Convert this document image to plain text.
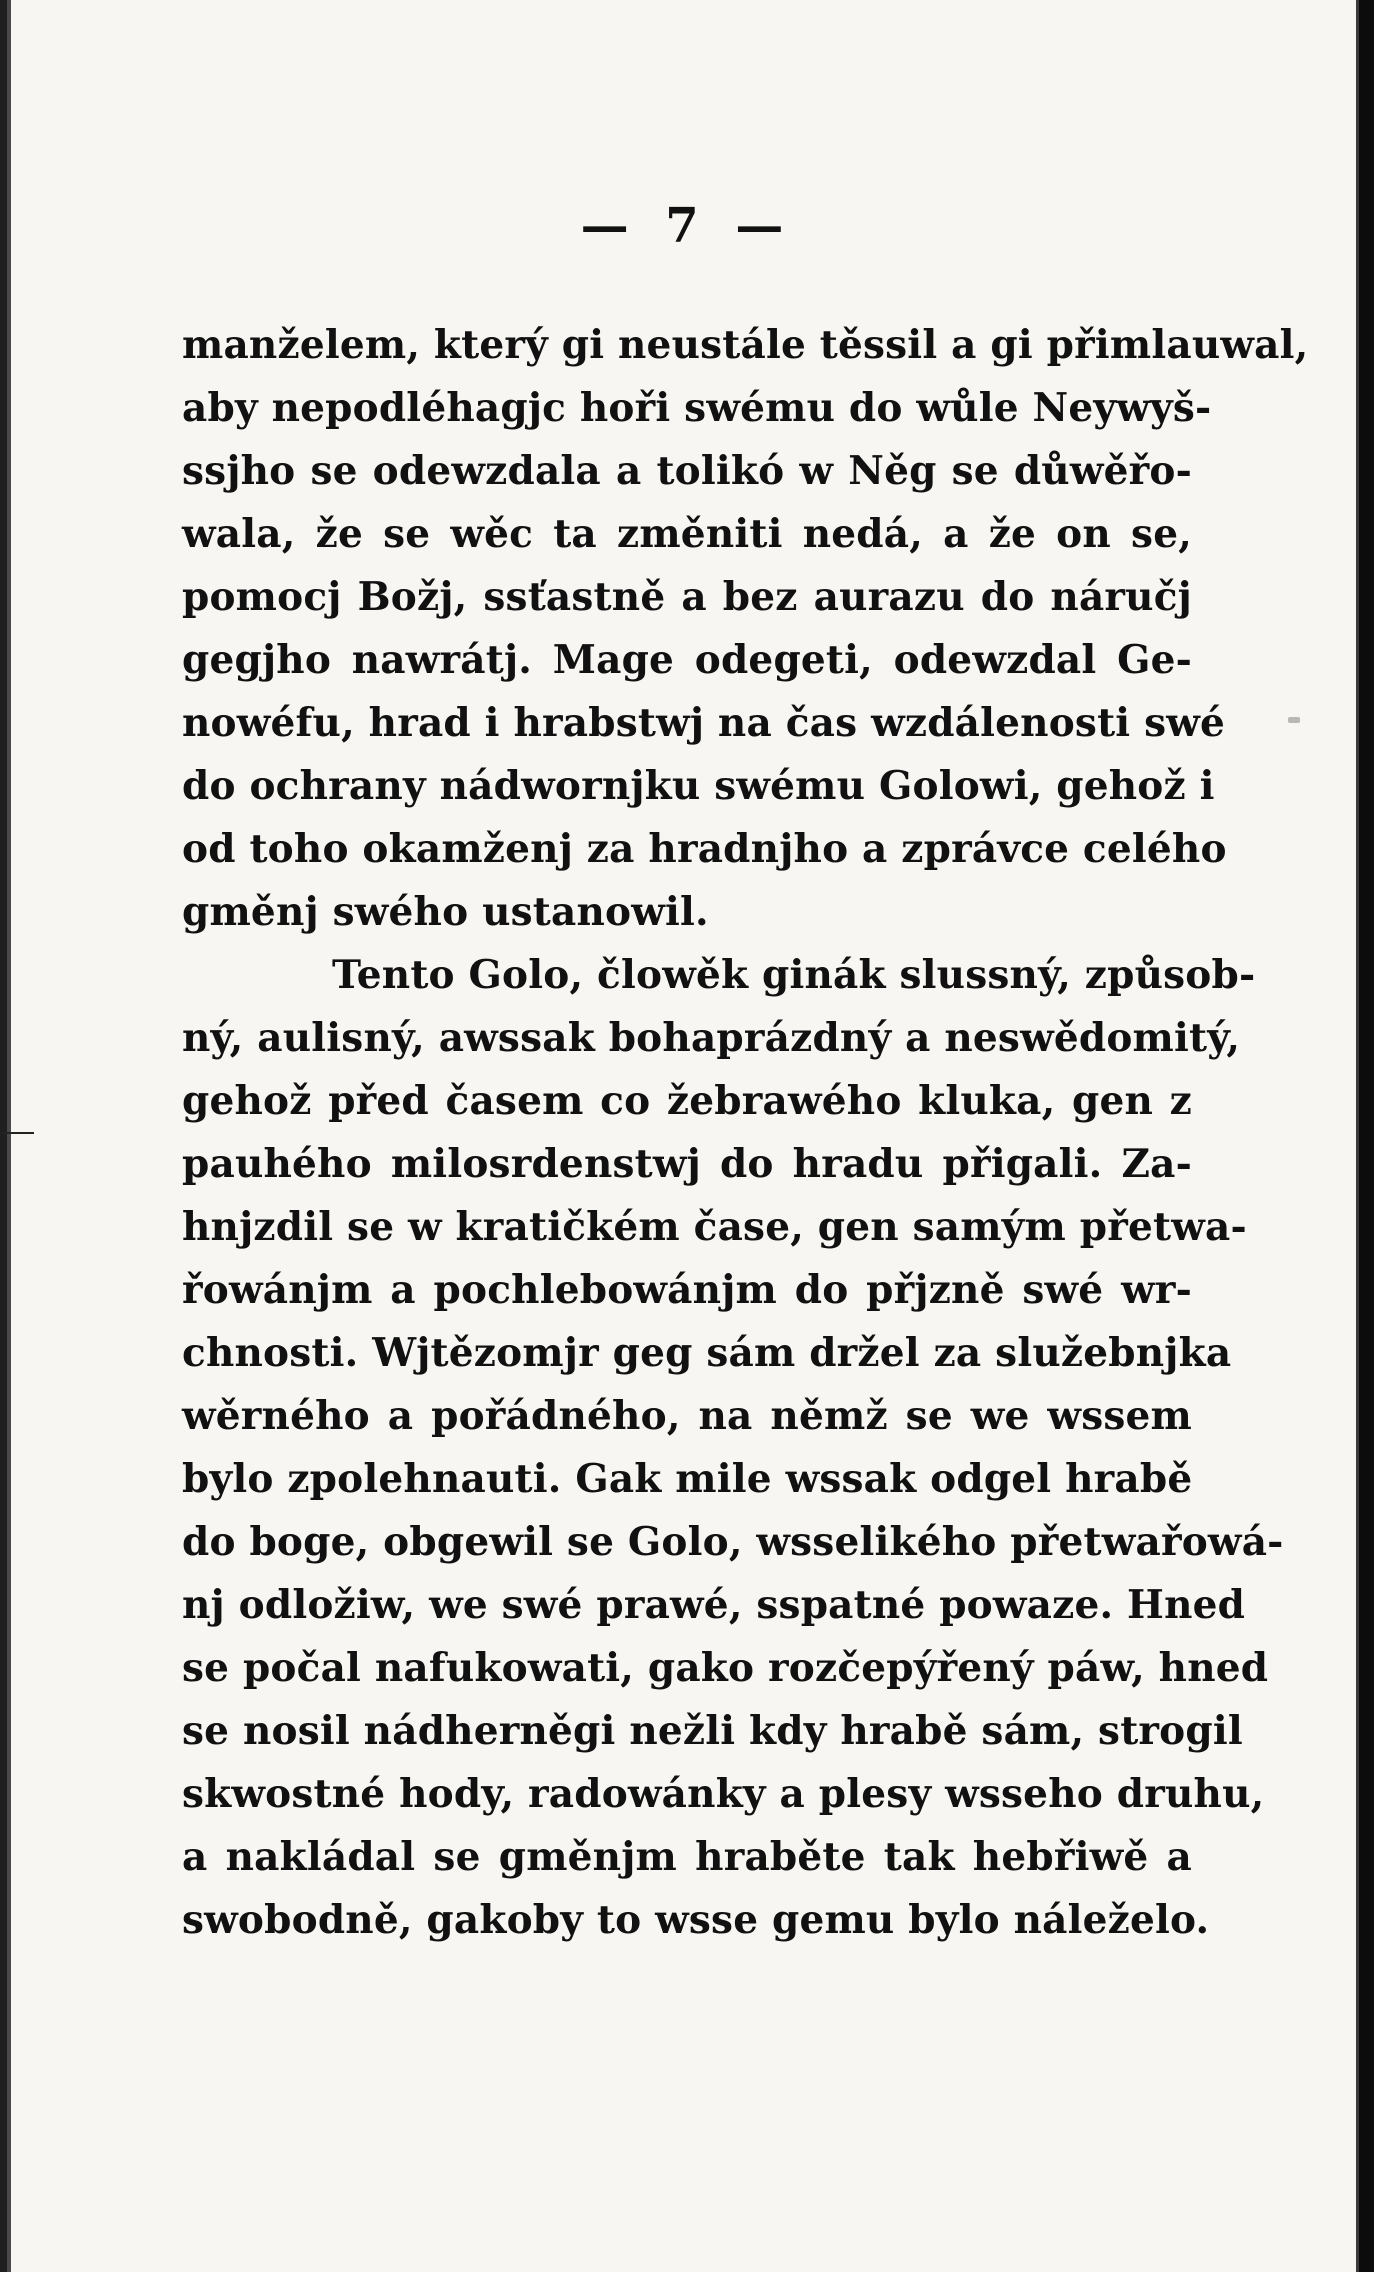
— 7 —
manželem, který gi neustále těssil a gi přimlauwal,
aby nepodléhagjc hoři swému do wůle Neywyš-
ssjho se odewzdala a tolikó w Něg se důwěřo-
wala, že se wěc ta změniti nedá, a že on se,
pomocj Božj, ssťastně a bez aurazu do náručj
gegjho nawrátj. Mage odegeti, odewzdal Ge-
nowéfu, hrad i hrabstwj na čas wzdálenosti swé
do ochrany nádwornjku swému Golowi, gehož i
od toho okamženj za hradnjho a zprávce celého
gměnj swého ustanowil.
Tento Golo, člowěk ginák slussný, způsob-
ný, aulisný, awssak bohaprázdný a neswědomitý,
gehož před časem co žebrawého kluka, gen z
pauhého milosrdenstwj do hradu přigali. Za-
hnjzdil se w kratičkém čase, gen samým přetwa-
řowánjm a pochlebowánjm do přjzně swé wr-
chnosti. Wjtězomjr geg sám držel za služebnjka
wěrného a pořádného, na němž se we wssem
bylo zpolehnauti. Gak mile wssak odgel hrabě
do boge, obgewil se Golo, wsselikého přetwařowá-
nj odložiw, we swé prawé, sspatné powaze. Hned
se počal nafukowati, gako rozčepýřený páw, hned
se nosil nádherněgi nežli kdy hrabě sám, strogil
skwostné hody, radowánky a plesy wsseho druhu,
a nakládal se gměnjm hraběte tak hebřiwě a
swobodně, gakoby to wsse gemu bylo náleželo.
